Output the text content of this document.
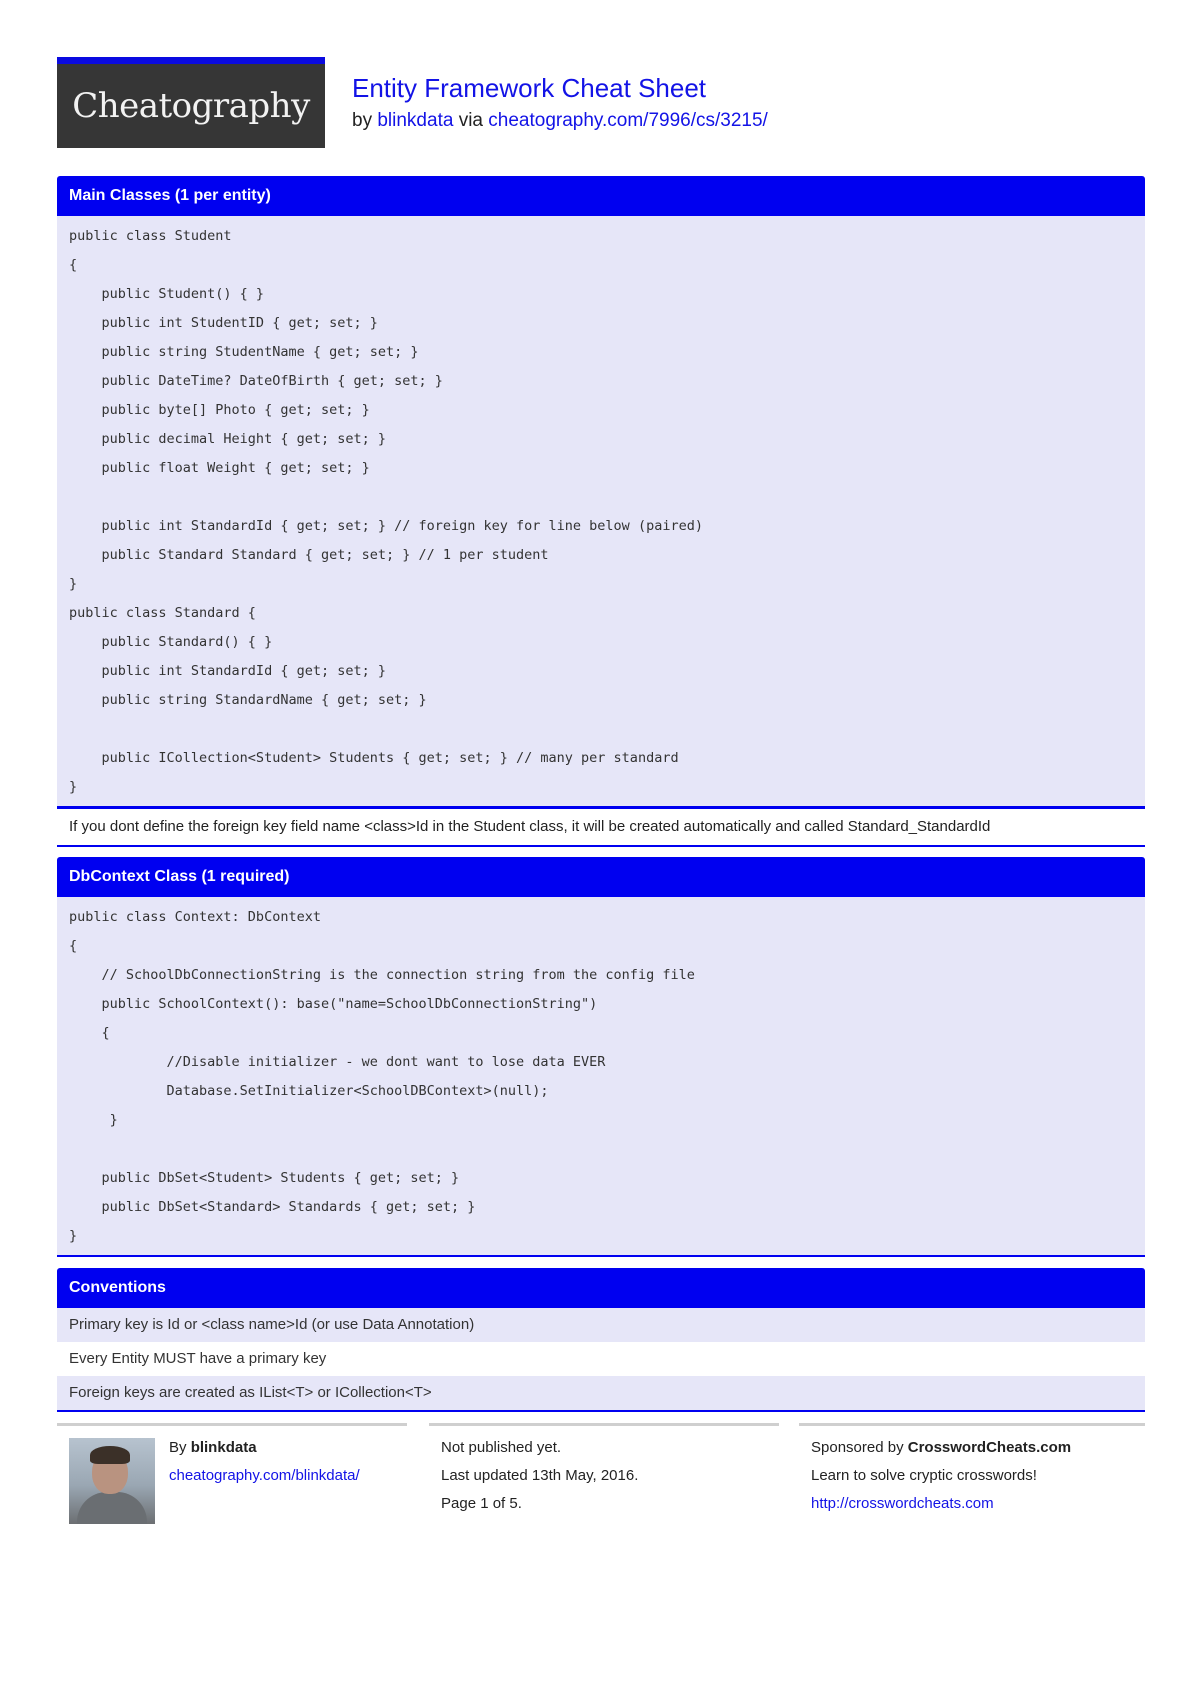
Cheatography Entity Framework Cheat Sheet
by blinkdata via cheatography.com/7996/cs/3215/
Main Classes (1 per entity)
public class Student
{
public Student() { }
public int StudentID { get; set; }
public string StudentName { get; set; }
public DateTime? DateOfBirth { get; set; }
public byte[] Photo { get; set; }
public decimal Height { get; set; }
public float Weight { get; set; }

public int StandardId { get; set; } // foreign key for line below (paired)
public Standard Standard { get; set; } // 1 per student
}
public class Standard {
public Standard() { }
public int StandardId { get; set; }
public string StandardName { get; set; }

public ICollection<Student> Students { get; set; } // many per standard
}
If you dont define the foreign key field name <class>Id in the Student class, it will be created automatically and called Standard_StandardId
DbContext Class (1 required)
public class Context: DbContext
{
// SchoolDbConnectionString is the connection string from the config file
public SchoolContext(): base("name=SchoolDbConnectionString")
{
//Disable initializer - we dont want to lose data EVER
Database.SetInitializer<SchoolDBContext>(null);
}

public DbSet<Student> Students { get; set; }
public DbSet<Standard> Standards { get; set; }
}
Conventions
Primary key is Id or <class name>Id (or use Data Annotation)
Every Entity MUST have a primary key
Foreign keys are created as IList<T> or ICollection<T>
By blinkdata
cheatography.com/blinkdata/
Not published yet.
Last updated 13th May, 2016.
Page 1 of 5.
Sponsored by CrosswordCheats.com
Learn to solve cryptic crosswords!
http://crosswordcheats.com
